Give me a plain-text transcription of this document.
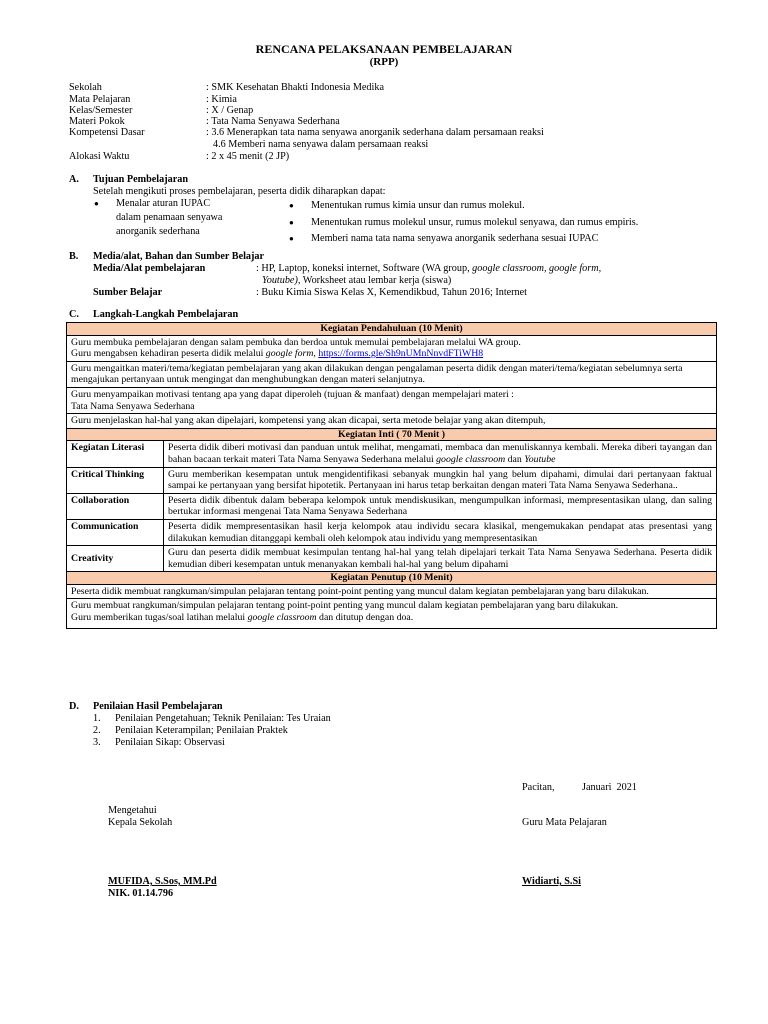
RENCANA PELAKSANAAN PEMBELAJARAN
(RPP)
Sekolah	: SMK Kesehatan Bhakti Indonesia Medika
Mata Pelajaran	: Kimia
Kelas/Semester	: X / Genap
Materi Pokok	: Tata Nama Senyawa Sederhana
Kompetensi Dasar	: 3.6 Menerapkan tata nama senyawa anorganik sederhana dalam persamaan reaksi
4.6 Memberi nama senyawa dalam persamaan reaksi
Alokasi Waktu	: 2 x 45 menit (2 JP)
A. Tujuan Pembelajaran
Setelah mengikuti proses pembelajaran, peserta didik diharapkan dapat:
● Menalar aturan IUPAC
dalam penamaan senyawa
anorganik sederhana
● Menentukan rumus kimia unsur dan rumus molekul.
● Menentukan rumus molekul unsur, rumus molekul senyawa, dan rumus empiris.
● Memberi nama tata nama senyawa anorganik sederhana sesuai IUPAC
B. Media/alat, Bahan dan Sumber Belajar
Media/Alat pembelajaran	: HP, Laptop, koneksi internet, Software (WA group, google classroom, google form,
Youtube), Worksheet atau lembar kerja (siswa)
Sumber Belajar	: Buku Kimia Siswa Kelas X, Kemendikbud, Tahun 2016; Internet
C. Langkah-Langkah Pembelajaran
Kegiatan Pendahuluan (10 Menit)	

Guru membuka pembelajaran dengan salam pembuka dan berdoa untuk memulai pembelajaran melalui WA group.
Guru mengabsen kehadiran peserta didik melalui google form, https://forms.gle/Sh9nUMnNnvdFTiWH8	

Guru mengaitkan materi/tema/kegiatan pembelajaran yang akan dilakukan dengan pengalaman peserta didik dengan materi/tema/kegiatan sebelumnya serta mengajukan pertanyaan untuk mengingat dan menghubungkan dengan materi selanjutnya.	

Guru menyampaikan motivasi tentang apa yang dapat diperoleh (tujuan & manfaat) dengan mempelajari materi :
Tata Nama Senyawa Sederhana	

Guru menjelaskan hal-hal yang akan dipelajari, kompetensi yang akan dicapai, serta metode belajar yang akan ditempuh,	
Kegiatan Inti ( 70 Menit )	
Kegiatan Literasi	Peserta didik diberi motivasi dan panduan untuk melihat, mengamati, membaca dan menuliskannya kembali. Mereka diberi tayangan dan bahan bacaan terkait materi Tata Nama Senyawa Sederhana melalui google classroom dan Youtube
Critical Thinking	Guru memberikan kesempatan untuk mengidentifikasi sebanyak mungkin hal yang belum dipahami, dimulai dari pertanyaan faktual sampai ke pertanyaan yang bersifat hipotetik. Pertanyaan ini harus tetap berkaitan dengan materi Tata Nama Senyawa Sederhana..
Collaboration	Peserta didik dibentuk dalam beberapa kelompok untuk mendiskusikan, mengumpulkan informasi, mempresentasikan ulang, dan saling bertukar informasi mengenai Tata Nama Senyawa Sederhana
Communication	Peserta didik mempresentasikan hasil kerja kelompok atau individu secara klasikal, mengemukakan pendapat atas presentasi yang dilakukan kemudian ditanggapi kembali oleh kelompok atau individu yang mempresentasikan
Creativity	Guru dan peserta didik membuat kesimpulan tentang hal-hal yang telah dipelajari terkait Tata Nama Senyawa Sederhana. Peserta didik kemudian diberi kesempatan untuk menanyakan kembali hal-hal yang belum dipahami
Kegiatan Penutup (10 Menit)	
Peserta didik membuat rangkuman/simpulan pelajaran tentang point-point penting yang muncul dalam kegiatan pembelajaran yang baru dilakukan.	

Guru membuat rangkuman/simpulan pelajaran tentang point-point penting yang muncul dalam kegiatan pembelajaran yang baru dilakukan.
Guru memberikan tugas/soal latihan melalui google classroom dan ditutup dengan doa.	
D. Penilaian Hasil Pembelajaran
1. Penilaian Pengetahuan; Teknik Penilaian: Tes Uraian
2. Penilaian Keterampilan; Penilaian Praktek
3. Penilaian Sikap: Observasi
Pacitan,	Januari  2021
Mengetahui
Kepala Sekolah	Guru Mata Pelajaran
MUFIDA, S.Sos, MM.Pd
NIK. 01.14.796
Widiarti, S.Si
